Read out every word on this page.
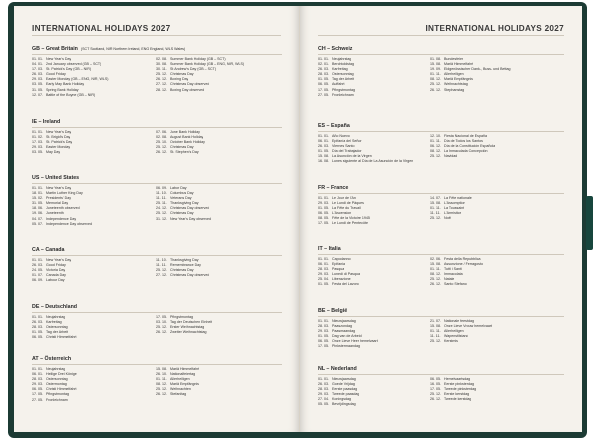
INTERNATIONAL HOLIDAYS 2027
GB – Great Britain (SCT Scotland, NIR Northern Ireland, ENG England, WLS Wales)
01. 01. New Year's Day
04. 01. 2nd January observed (GB – SCT)
17. 03. St. Patrick's Day (GB – NIR)
26. 03. Good Friday
29. 03. Easter Monday (GB – ENG, NIR, WLS)
03. 05. Early May Bank Holiday
31. 05. Spring Bank Holiday
12. 07. Battle of the Boyne (GB – NIR)
02. 08. Summer Bank Holiday (GB – SCT)
30. 08. Summer Bank Holiday (GB – ENG, NIR, WLS)
30. 11. St Andrew's Day (GB – SCT)
25. 12. Christmas Day
26. 12. Boxing Day
27. 12. Christmas Day observed
28. 12. Boxing Day observed
IE – Ireland
01. 01. New Year's Day
01. 02. St. Brigid's Day
17. 03. St. Patrick's Day
29. 03. Easter Monday
03. 05. May Day
07. 06. June Bank Holiday
02. 08. August Bank Holiday
25. 10. October Bank Holiday
25. 12. Christmas Day
26. 12. St. Stephen's Day
US – United States
01. 01. New Year's Day
18. 01. Martin Luther King Day
15. 02. Presidents' Day
31. 05. Memorial Day
18. 06. Juneteenth observed
19. 06. Juneteenth
04. 07. Independence Day
05. 07. Independence Day observed
06. 09. Labor Day
11. 10. Columbus Day
11. 11. Veterans Day
25. 11. Thanksgiving Day
24. 12. Christmas Day observed
25. 12. Christmas Day
31. 12. New Year's Day observed
CA – Canada
01. 01. New Year's Day
26. 03. Good Friday
24. 05. Victoria Day
01. 07. Canada Day
06. 09. Labour Day
11. 10. Thanksgiving Day
11. 11. Remembrance Day
25. 12. Christmas Day
27. 12. Christmas Day observed
DE – Deutschland
01. 01. Neujahrstag
26. 03. Karfreitag
28. 03. Ostersonntag
01. 05. Tag der Arbeit
06. 05. Christi Himmelfahrt
17. 05. Pfingstmontag
03. 10. Tag der Deutschen Einheit
25. 12. Erster Weihnachtstag
26. 12. Zweiter Weihnachtstag
AT – Österreich
01. 01. Neujahrstag
06. 01. Heilige Drei Könige
28. 03. Ostersonntag
29. 03. Ostermontag
06. 05. Christi Himmelfahrt
17. 05. Pfingstmontag
27. 05. Fronleichnam
15. 08. Mariä Himmelfahrt
26. 10. Nationalfeiertag
01. 11. Allerheiligen
08. 12. Mariä Empfängnis
25. 12. Weihnachten
26. 12. Stefanitag
INTERNATIONAL HOLIDAYS 2027
CH – Schweiz
01. 01. Neujahrstag
02. 01. Berchtoldstag
26. 03. Karfreitag
28. 03. Ostersonntag
01. 05. Tag der Arbeit
06. 05. Auffahrt
17. 05. Pfingstmontag
27. 05. Fronleichnam
01. 08. Bundesfeier
15. 08. Mariä Himmelfahrt
19. 09. Eidgenössischer Dank-, Buss- und Bettag
01. 11. Allerheiligen
08. 12. Mariä Empfängnis
25. 12. Weihnachtstag
26. 12. Stephanstag
ES – España
01. 01. Año Nuevo
06. 01. Epifanía del Señor
26. 03. Viernes Santo
01. 05. Día del Trabajador
15. 08. La Asunción de la Virgen
16. 08. Lunes siguiente al Día de La Asunción de la Virgen
12. 10. Fiesta Nacional de España
01. 11. Día de Todos los Santos
06. 12. Día de la Constitución Española
08. 12. La Inmaculada Concepción
25. 12. Navidad
FR – France
01. 01. Le Jour de l'An
29. 03. Le Lundi de Pâques
01. 05. La Fête du Travail
06. 05. L'Ascension
08. 05. Fête de la Victoire 1945
17. 05. Le Lundi de Pentecôte
14. 07. La Fête nationale
15. 08. L'Assomption
01. 11. La Toussaint
11. 11. L'Armistice
25. 12. Noël
IT – Italia
01. 01. Capodanno
06. 01. Epifania
28. 03. Pasqua
29. 03. Lunedì di Pasqua
25. 04. Liberazione
01. 05. Festa del Lavoro
02. 06. Festa della Repubblica
15. 08. Assunzione / Ferragosto
01. 11. Tutti i Santi
08. 12. Immacolata
25. 12. Natale
26. 12. Santo Stefano
BE – België
01. 01. Nieuwjaarsdag
28. 03. Paaszondag
29. 03. Paasmaandag
01. 05. Dag van de Arbeid
06. 05. Onze Lieve Heer hemelvaart
17. 05. Pinkstermaandag
21. 07. Nationale feestdag
15. 08. Onze Lieve Vrouw hemelvaart
01. 11. Allerheiligen
11. 11. Wapenstilstand
25. 12. Kerstmis
NL – Nederland
01. 01. Nieuwjaarsdag
26. 03. Goede Vrijdag
28. 03. Eerste paasdag
29. 03. Tweede paasdag
27. 04. Koningsdag
05. 05. Bevrijdingsdag
06. 05. Hemelvaartsdag
16. 05. Eerste pinksterdag
17. 05. Tweede pinksterdag
25. 12. Eerste kerstdag
26. 12. Tweede kerstdag
